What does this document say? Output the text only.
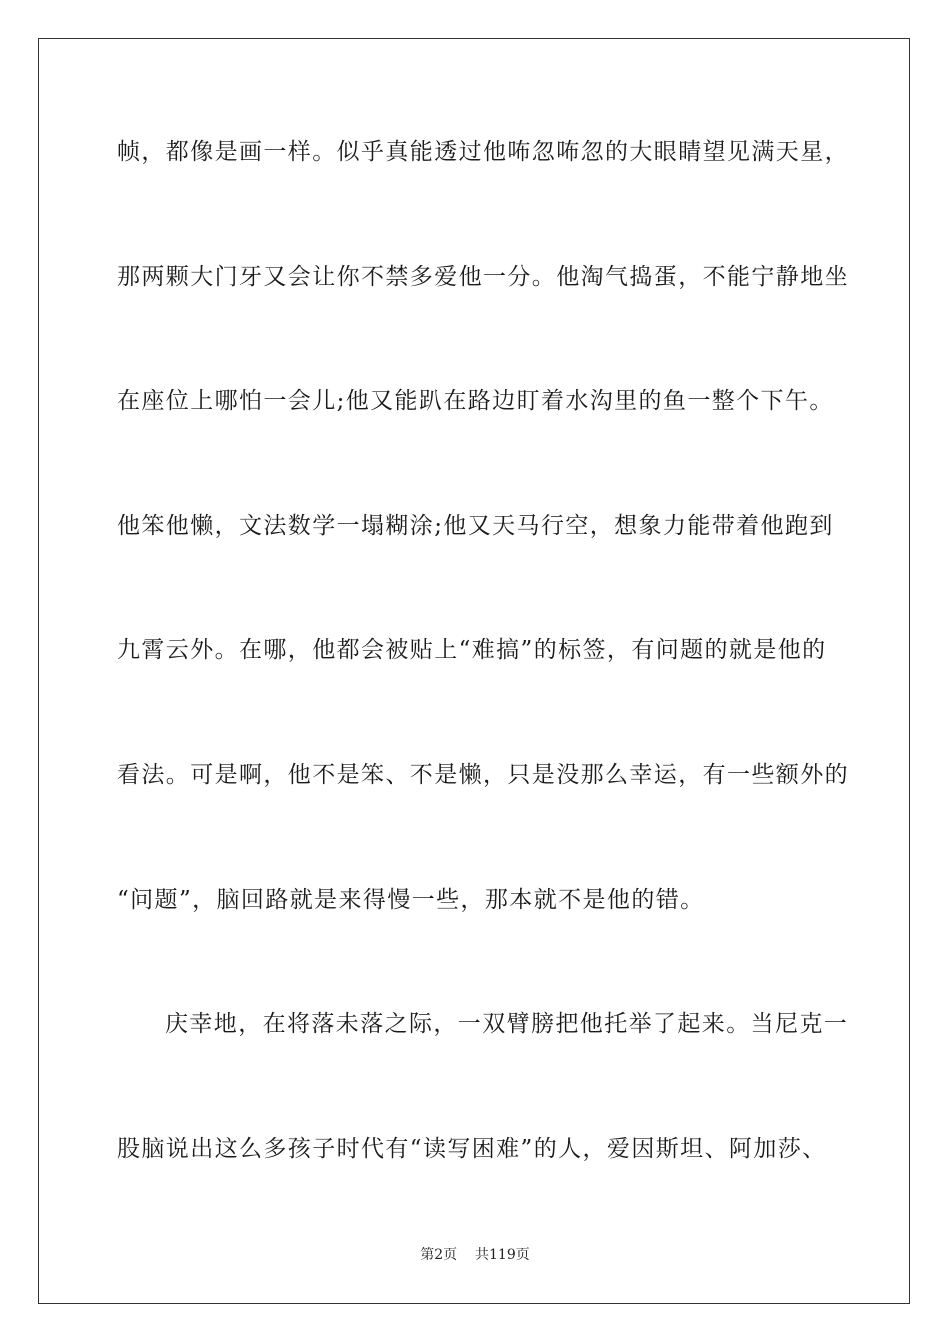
帧，都像是画一样。似乎真能透过他咘忽咘忽的大眼睛望见满天星，
那两颗大门牙又会让你不禁多爱他一分。他淘气捣蛋，不能宁静地坐
在座位上哪怕一会儿;他又能趴在路边盯着水沟里的鱼一整个下午。
他笨他懒，文法数学一塌糊涂;他又天马行空，想象力能带着他跑到
九霄云外。在哪，他都会被贴上“难搞”的标签，有问题的就是他的
看法。可是啊，他不是笨、不是懒，只是没那么幸运，有一些额外的
“问题”，脑回路就是来得慢一些，那本就不是他的错。
庆幸地，在将落未落之际，一双臂膀把他托举了起来。当尼克一
股脑说出这么多孩子时代有“读写困难”的人，爱因斯坦、阿加莎、
第2页 共119页
